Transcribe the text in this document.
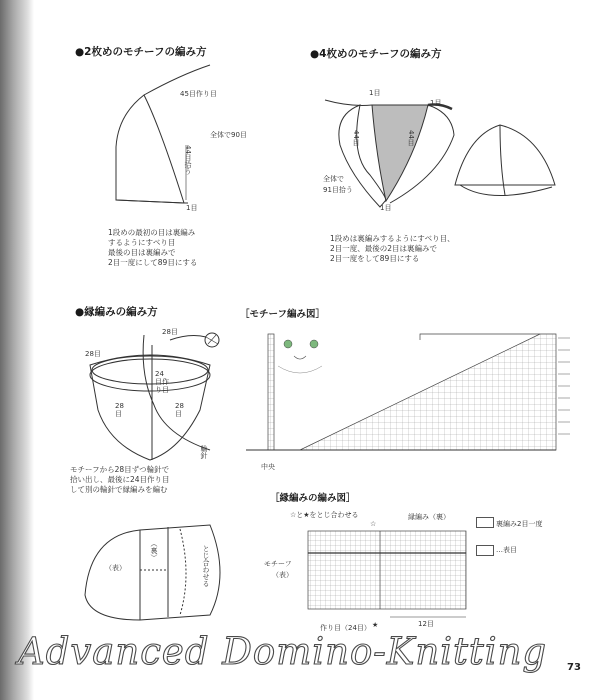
●2枚めのモチーフの編み方
45目作り目
全体で90目
44目拾う
1目
1段めの最初の目は裏編み
するようにすべり目
最後の目は裏編みで
2目一度にして89目にする
●4枚めのモチーフの編み方
1目
1目
44目	44目
全体で
91目拾う
1目
1段めは裏編みするようにすべり目、
2目一度、最後の2目は裏編みで
2目一度をして89目にする
●縁編みの編み方
28目
28目
24目作り目
28目
28目
輪針
モチーフから28目ずつ輪針で
拾い出し、最後に24目作り目
して別の輪針で縁編みを編む
（表）
（裏）	とじ合わせる
［モチーフ編み図］
中央
［縁編みの編み図］
☆と★をとじ合わせる	縁編み（裏）
裏編み2目一度
…表目
☆
モチーフ
（表）
作り目（24目） ★	12目
Advanced Domino-Knitting 73
